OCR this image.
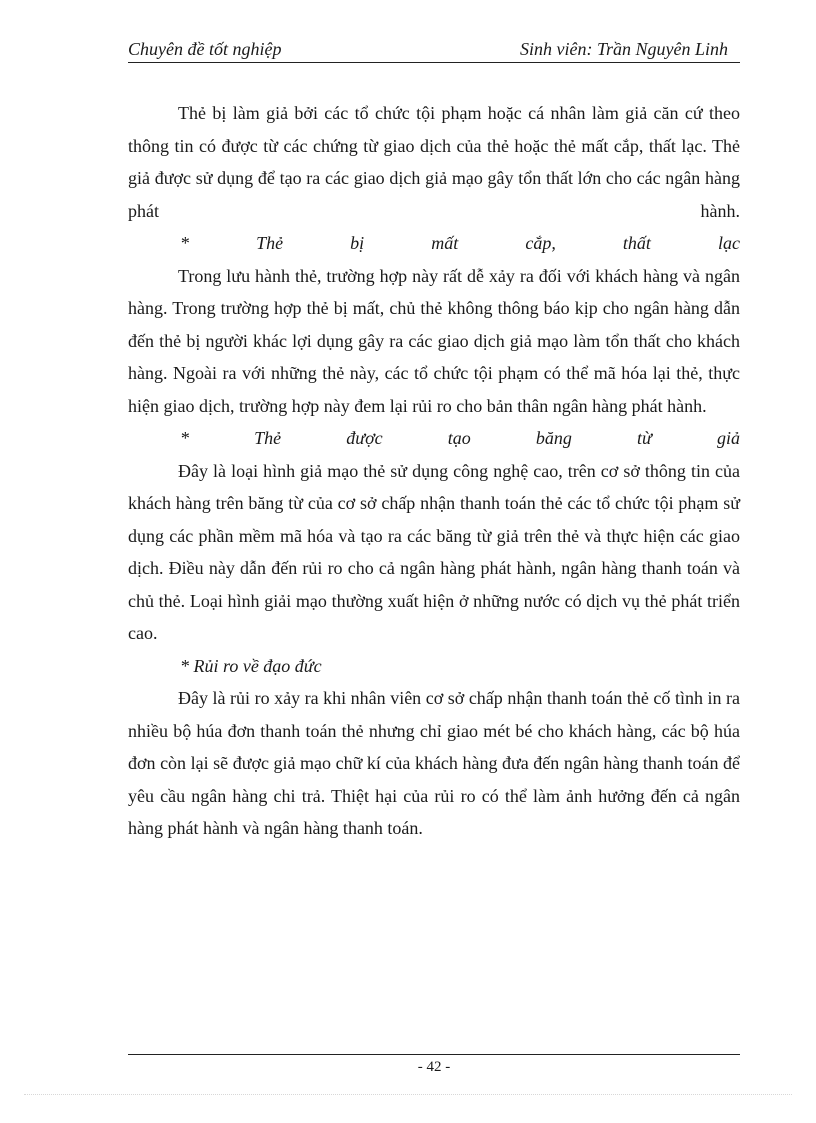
Chuyên đề tốt nghiệp	Sinh viên: Trần Nguyên Linh

Thẻ bị làm giả bởi các tổ chức tội phạm hoặc cá nhân làm giả căn cứ theo thông tin có được từ các chứng từ giao dịch của thẻ hoặc thẻ mất cắp, thất lạc. Thẻ giả được sử dụng để tạo ra các giao dịch giả mạo gây tổn thất lớn cho các ngân hàng phát hành.

* Thẻ bị mất cắp, thất lạc

Trong lưu hành thẻ, trường hợp này rất dễ xảy ra đối với khách hàng và ngân hàng. Trong trường hợp thẻ bị mất, chủ thẻ không thông báo kịp cho ngân hàng dẫn đến thẻ bị người khác lợi dụng gây ra các giao dịch giả mạo làm tổn thất cho khách hàng. Ngoài ra với những thẻ này, các tổ chức tội phạm có thể mã hóa lại thẻ, thực hiện giao dịch, trường hợp này đem lại rủi ro cho bản thân ngân hàng phát hành.

* Thẻ được tạo băng từ giả

Đây là loại hình giả mạo thẻ sử dụng công nghệ cao, trên cơ sở thông tin của khách hàng trên băng từ của cơ sở chấp nhận thanh toán thẻ các tổ chức tội phạm sử dụng các phần mềm mã hóa và tạo ra các băng từ giả trên thẻ và thực hiện các giao dịch. Điều này dẫn đến rủi ro cho cả ngân hàng phát hành, ngân hàng thanh toán và chủ thẻ. Loại hình giải mạo thường xuất hiện ở những nước có dịch vụ thẻ phát triển cao.

* Rủi ro về đạo đức

Đây là rủi ro xảy ra khi nhân viên cơ sở chấp nhận thanh toán thẻ cố tình in ra nhiều bộ húa đơn thanh toán thẻ nhưng chỉ giao mét bé cho khách hàng, các bộ húa đơn còn lại sẽ được giả mạo chữ kí của khách hàng đưa đến ngân hàng thanh toán để yêu cầu ngân hàng chi trả. Thiệt hại của rủi ro có thể làm ảnh hưởng đến cả ngân hàng phát hành và ngân hàng thanh toán.

- 42 -
